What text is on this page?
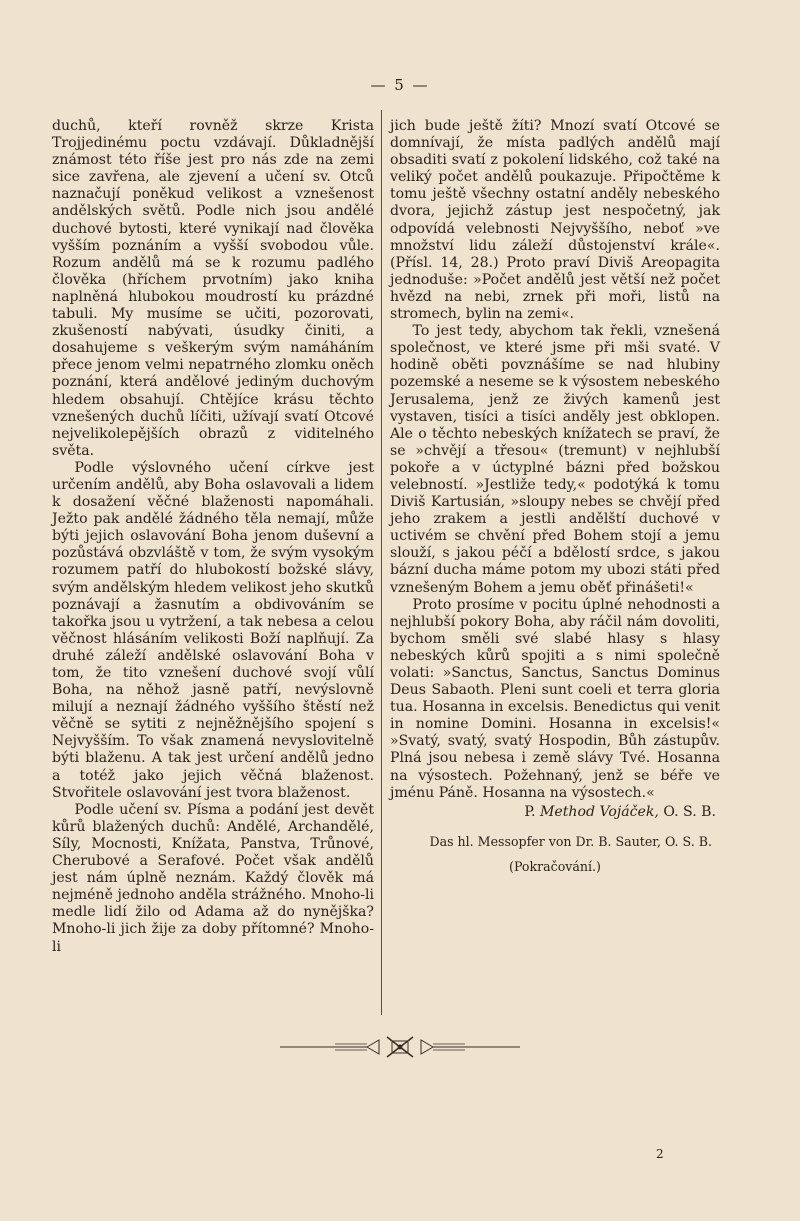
— 5 —

duchů, kteří rovněž skrze Krista Trojjedinému poctu vzdávají. Důkladnější známost této říše jest pro nás zde na zemi sice zavřena, ale zjevení a učení sv. Otců naznačují poněkud velikost a vznešenost andělských světů. Podle nich jsou andělé duchové bytosti, které vynikají nad člověka vyšším poznáním a vyšší svobodou vůle. Rozum andělů má se k rozumu padlého člověka (hříchem prvotním) jako kniha naplněná hlubokou moudrostí ku prázdné tabuli. My musíme se učiti, pozorovati, zkušeností nabývati, úsudky činiti, a dosahujeme s veškerým svým namáháním přece jenom velmi nepatrného zlomku oněch poznání, která andělové jediným duchovým hledem obsahují. Chtějíce krásu těchto vznešených duchů líčiti, užívají svatí Otcové nejvelikolepějších obrazů z viditelného světa.

Podle výslovného učení církve jest určením andělů, aby Boha oslavovali a lidem k dosažení věčné blaženosti napomáhali. Ježto pak andělé žádného těla nemají, může býti jejich oslavování Boha jenom duševní a pozůstává obzvláště v tom, že svým vysokým rozumem patří do hlubokostí božské slávy, svým andělským hledem velikost jeho skutků poznávají a žasnutím a obdivováním se takořka jsou u vytržení, a tak nebesa a celou věčnost hlásáním velikosti Boží naplňují. Za druhé záleží andělské oslavování Boha v tom, že tito vznešení duchové svojí vůlí Boha, na něhož jasně patří, nevýslovně milují a neznají žádného vyššího štěstí než věčně se sytiti z nejněžnějšího spojení s Nejvyšším. To však znamená nevyslovitelně býti blaženu. A tak jest určení andělů jedno a totéž jako jejich věčná blaženost. Stvořitele oslavování jest tvora blaženost.

Podle učení sv. Písma a podání jest devět kůrů blažených duchů: Andělé, Archandělé, Síly, Mocnosti, Knížata, Panstva, Trůnové, Cherubové a Serafové. Počet však andělů jest nám úplně neznám. Každý člověk má nejméně jednoho anděla strážného. Mnoho-li medle lidí žilo od Adama až do nynějška? Mnoho-li jich žije za doby přítomné? Mnoho-li

jich bude ještě žíti? Mnozí svatí Otcové se domnívají, že místa padlých andělů mají obsaditi svatí z pokolení lidského, což také na veliký počet andělů poukazuje. Připočtěme k tomu ještě všechny ostatní anděly nebeského dvora, jejichž zástup jest nespočetný, jak odpovídá velebnosti Nejvyššího, neboť »ve množství lidu záleží důstojenství krále«. (Přísl. 14, 28.) Proto praví Diviš Areopagita jednoduše: »Počet andělů jest větší než počet hvězd na nebi, zrnek při moři, listů na stromech, bylin na zemi«.

To jest tedy, abychom tak řekli, vznešená společnost, ve které jsme při mši svaté. V hodině oběti povznášíme se nad hlubiny pozemské a neseme se k výsostem nebeského Jerusalema, jenž ze živých kamenů jest vystaven, tisíci a tisíci anděly jest obklopen. Ale o těchto nebeských knížatech se praví, že se »chvějí a třesou« (tremunt) v nejhlubší pokoře a v úctyplné bázni před božskou velebností. »Jestliže tedy,« podotýká k tomu Diviš Kartusián, »sloupy nebes se chvějí před jeho zrakem a jestli andělští duchové v uctivém se chvění před Bohem stojí a jemu slouží, s jakou péčí a bdělostí srdce, s jakou bázní ducha máme potom my ubozi státi před vznešeným Bohem a jemu oběť přinášeti!«

Proto prosíme v pocitu úplné nehodnosti a nejhlubší pokory Boha, aby ráčil nám dovoliti, bychom směli své slabé hlasy s hlasy nebeských kůrů spojiti a s nimi společně volati: »Sanctus, Sanctus, Sanctus Dominus Deus Sabaoth. Pleni sunt coeli et terra gloria tua. Hosanna in excelsis. Benedictus qui venit in nomine Domini. Hosanna in excelsis!« »Svatý, svatý, svatý Hospodin, Bůh zástupův. Plná jsou nebesa i země slávy Tvé. Hosanna na výsostech. Požehnaný, jenž se béře ve jménu Páně. Hosanna na výsostech.«

P. Method Vojáček, O. S. B.
Das hl. Messopfer von Dr. B. Sauter, O. S. B.
(Pokračování.)
2
